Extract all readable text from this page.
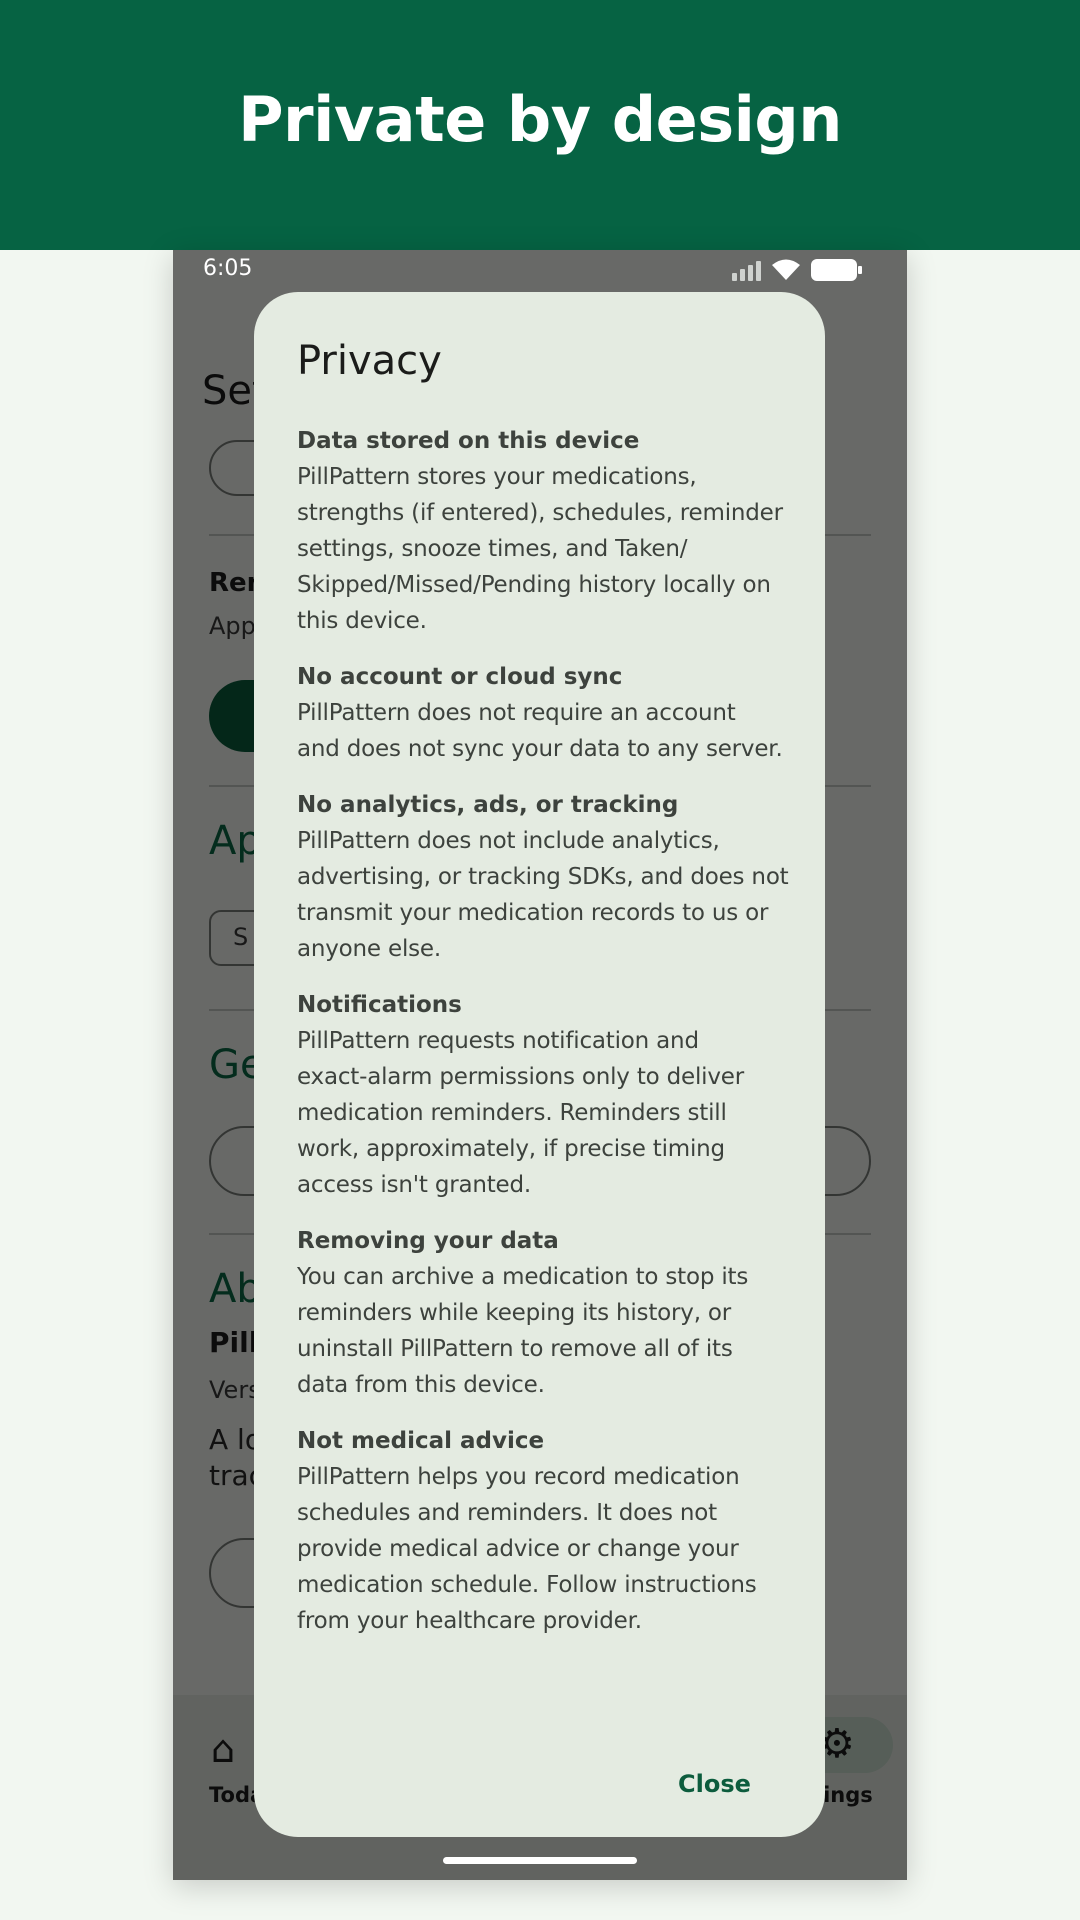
Private by design
6:05
Privacy
Data stored on this device
PillPattern stores your medications,
strengths (if entered), schedules, reminder
settings, snooze times, and Taken/
Skipped/Missed/Pending history locally on
this device.
No account or cloud sync
PillPattern does not require an account
and does not sync your data to any server.
No analytics, ads, or tracking
PillPattern does not include analytics,
advertising, or tracking SDKs, and does not
transmit your medication records to us or
anyone else.
Notifications
PillPattern requests notification and
exact-alarm permissions only to deliver
medication reminders. Reminders still
work, approximately, if precise timing
access isn't granted.
Removing your data
You can archive a medication to stop its
reminders while keeping its history, or
uninstall PillPattern to remove all of its
data from this device.
Not medical advice
PillPattern helps you record medication
schedules and reminders. It does not
provide medical advice or change your
medication schedule. Follow instructions
from your healthcare provider.
Close
